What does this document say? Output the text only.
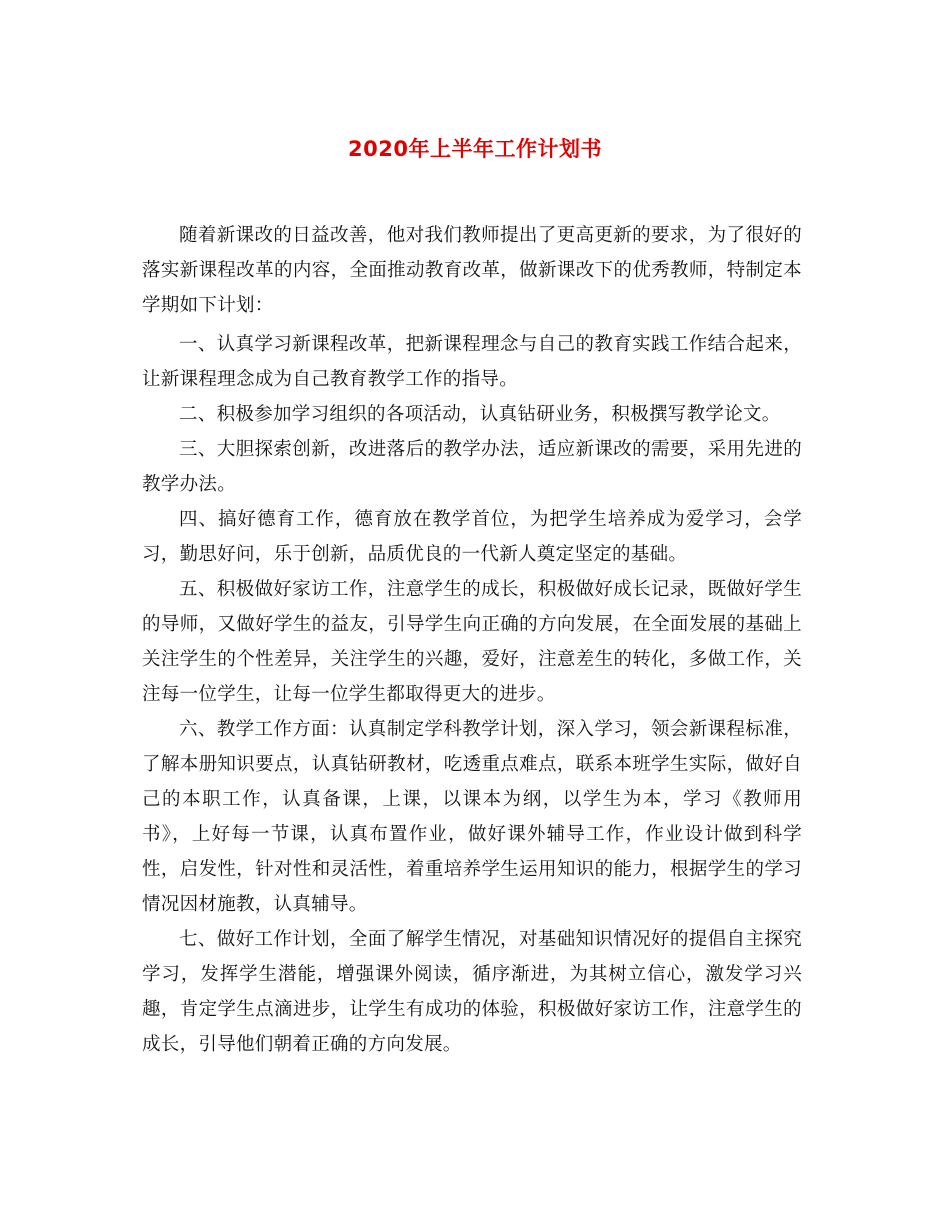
2020年上半年工作计划书

随着新课改的日益改善，他对我们教师提出了更高更新的要求，为了很好的落实新课程改革的内容，全面推动教育改革，做新课改下的优秀教师，特制定本学期如下计划：

一、认真学习新课程改革，把新课程理念与自己的教育实践工作结合起来，让新课程理念成为自己教育教学工作的指导。

二、积极参加学习组织的各项活动，认真钻研业务，积极撰写教学论文。

三、大胆探索创新，改进落后的教学办法，适应新课改的需要，采用先进的教学办法。

四、搞好德育工作，德育放在教学首位，为把学生培养成为爱学习，会学习，勤思好问，乐于创新，品质优良的一代新人奠定坚定的基础。

五、积极做好家访工作，注意学生的成长，积极做好成长记录，既做好学生的导师，又做好学生的益友，引导学生向正确的方向发展，在全面发展的基础上关注学生的个性差异，关注学生的兴趣，爱好，注意差生的转化，多做工作，关注每一位学生，让每一位学生都取得更大的进步。

六、教学工作方面：认真制定学科教学计划，深入学习，领会新课程标准，了解本册知识要点，认真钻研教材，吃透重点难点，联系本班学生实际，做好自己的本职工作，认真备课，上课，以课本为纲，以学生为本，学习《教师用书》，上好每一节课，认真布置作业，做好课外辅导工作，作业设计做到科学性，启发性，针对性和灵活性，着重培养学生运用知识的能力，根据学生的学习情况因材施教，认真辅导。

七、做好工作计划，全面了解学生情况，对基础知识情况好的提倡自主探究学习，发挥学生潜能，增强课外阅读，循序渐进，为其树立信心，激发学习兴趣，肯定学生点滴进步，让学生有成功的体验，积极做好家访工作，注意学生的成长，引导他们朝着正确的方向发展。
